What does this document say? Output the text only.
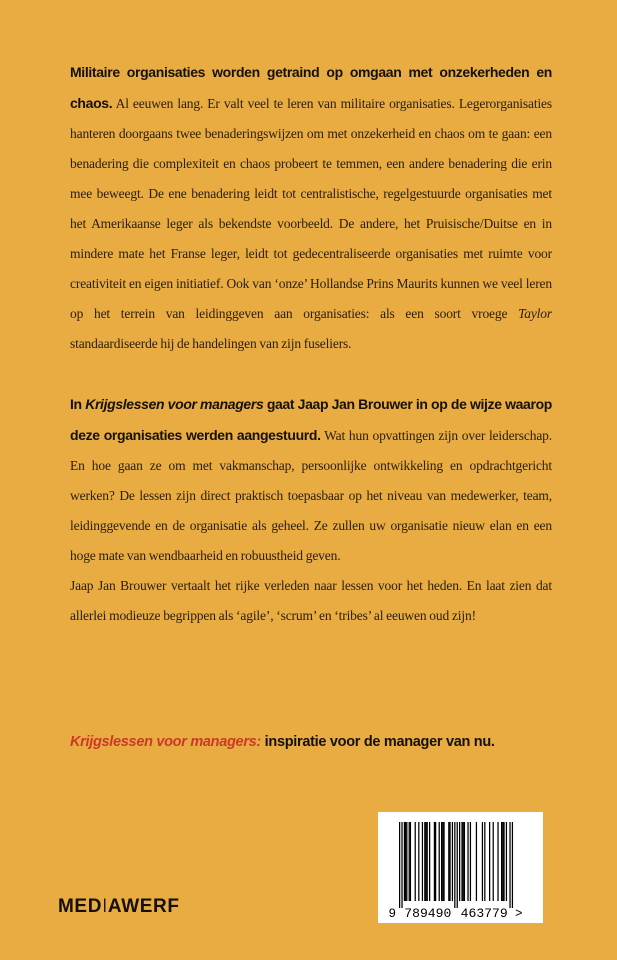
Militaire organisaties worden getraind op omgaan met onzekerheden en chaos. Al eeuwen lang. Er valt veel te leren van militaire organisaties. Legerorganisaties hanteren doorgaans twee benaderingswijzen om met onzekerheid en chaos om te gaan: een benadering die complexiteit en chaos probeert te temmen, een andere benadering die erin mee beweegt. De ene benadering leidt tot centralistische, regelgestuurde organisaties met het Amerikaanse leger als bekendste voorbeeld. De andere, het Pruisische/Duitse en in mindere mate het Franse leger, leidt tot gedecentraliseerde organisaties met ruimte voor creativiteit en eigen initiatief. Ook van ‘onze’ Hollandse Prins Maurits kunnen we veel leren op het terrein van leidinggeven aan organisaties: als een soort vroege Taylor standaardiseerde hij de handelingen van zijn fuseliers.

In Krijgslessen voor managers gaat Jaap Jan Brouwer in op de wijze waarop deze organisaties werden aangestuurd. Wat hun opvattingen zijn over leiderschap. En hoe gaan ze om met vakmanschap, persoonlijke ontwikkeling en opdrachtgericht werken? De lessen zijn direct praktisch toepasbaar op het niveau van medewerker, team, leidinggevende en de organisatie als geheel. Ze zullen uw organisatie nieuw elan en een hoge mate van wendbaarheid en robuustheid geven.

Jaap Jan Brouwer vertaalt het rijke verleden naar lessen voor het heden. En laat zien dat allerlei modieuze begrippen als ‘agile’, ‘scrum’ en ‘tribes’ al eeuwen oud zijn!

Krijgslessen voor managers: inspiratie voor de manager van nu.
MEDIAWERF	9 789490 463779 >
